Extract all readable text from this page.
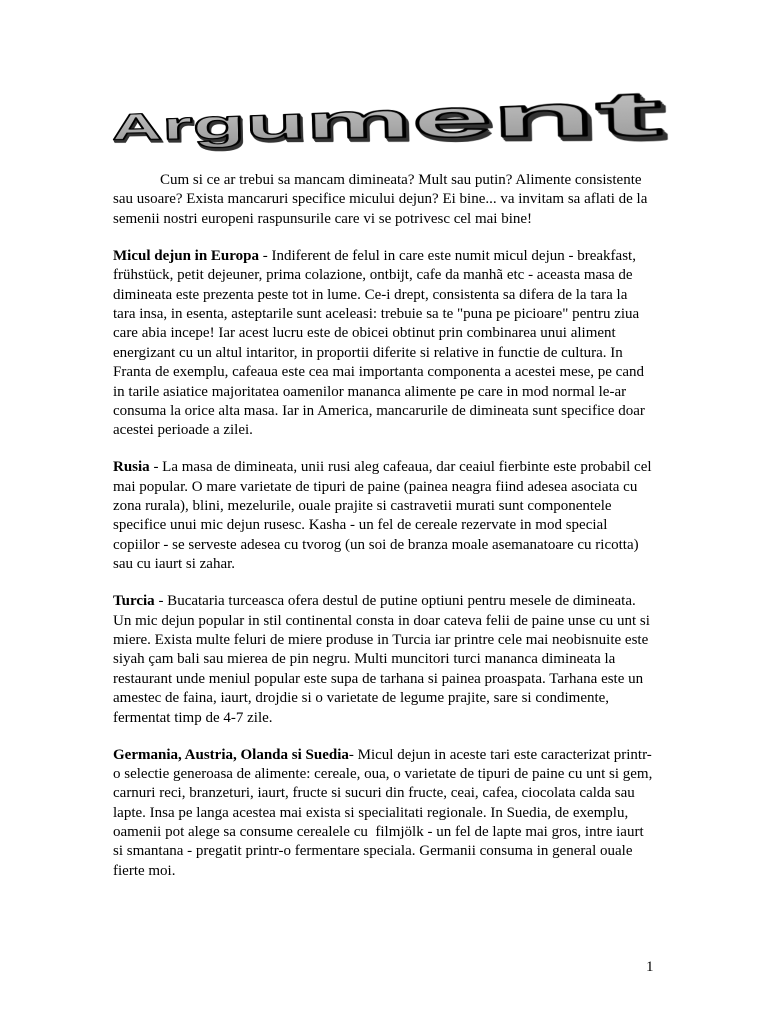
Argument
Cum si ce ar trebui sa mancam dimineata? Mult sau putin? Alimente consistente
sau usoare? Exista mancaruri specifice micului dejun? Ei bine... va invitam sa aflati de la
semenii nostri europeni raspunsurile care vi se potrivesc cel mai bine!
Micul dejun in Europa - Indiferent de felul in care este numit micul dejun - breakfast,
frühstück, petit dejeuner, prima colazione, ontbijt, cafe da manhã etc - aceasta masa de
dimineata este prezenta peste tot in lume. Ce-i drept, consistenta sa difera de la tara la
tara insa, in esenta, asteptarile sunt aceleasi: trebuie sa te "puna pe picioare" pentru ziua
care abia incepe! Iar acest lucru este de obicei obtinut prin combinarea unui aliment
energizant cu un altul intaritor, in proportii diferite si relative in functie de cultura. In
Franta de exemplu, cafeaua este cea mai importanta componenta a acestei mese, pe cand
in tarile asiatice majoritatea oamenilor mananca alimente pe care in mod normal le-ar
consuma la orice alta masa. Iar in America, mancarurile de dimineata sunt specifice doar
acestei perioade a zilei.
Rusia - La masa de dimineata, unii rusi aleg cafeaua, dar ceaiul fierbinte este probabil cel
mai popular. O mare varietate de tipuri de paine (painea neagra fiind adesea asociata cu
zona rurala), blini, mezelurile, ouale prajite si castravetii murati sunt componentele
specifice unui mic dejun rusesc. Kasha - un fel de cereale rezervate in mod special
copiilor - se serveste adesea cu tvorog (un soi de branza moale asemanatoare cu ricotta)
sau cu iaurt si zahar.
Turcia - Bucataria turceasca ofera destul de putine optiuni pentru mesele de dimineata.
Un mic dejun popular in stil continental consta in doar cateva felii de paine unse cu unt si
miere. Exista multe feluri de miere produse in Turcia iar printre cele mai neobisnuite este
siyah çam bali sau mierea de pin negru. Multi muncitori turci mananca dimineata la
restaurant unde meniul popular este supa de tarhana si painea proaspata. Tarhana este un
amestec de faina, iaurt, drojdie si o varietate de legume prajite, sare si condimente,
fermentat timp de 4-7 zile.
Germania, Austria, Olanda si Suedia- Micul dejun in aceste tari este caracterizat printr-
o selectie generoasa de alimente: cereale, oua, o varietate de tipuri de paine cu unt si gem,
carnuri reci, branzeturi, iaurt, fructe si sucuri din fructe, ceai, cafea, ciocolata calda sau
lapte. Insa pe langa acestea mai exista si specialitati regionale. In Suedia, de exemplu,
oamenii pot alege sa consume cerealele cu  filmjölk - un fel de lapte mai gros, intre iaurt
si smantana - pregatit printr-o fermentare speciala. Germanii consuma in general ouale
fierte moi.
1
